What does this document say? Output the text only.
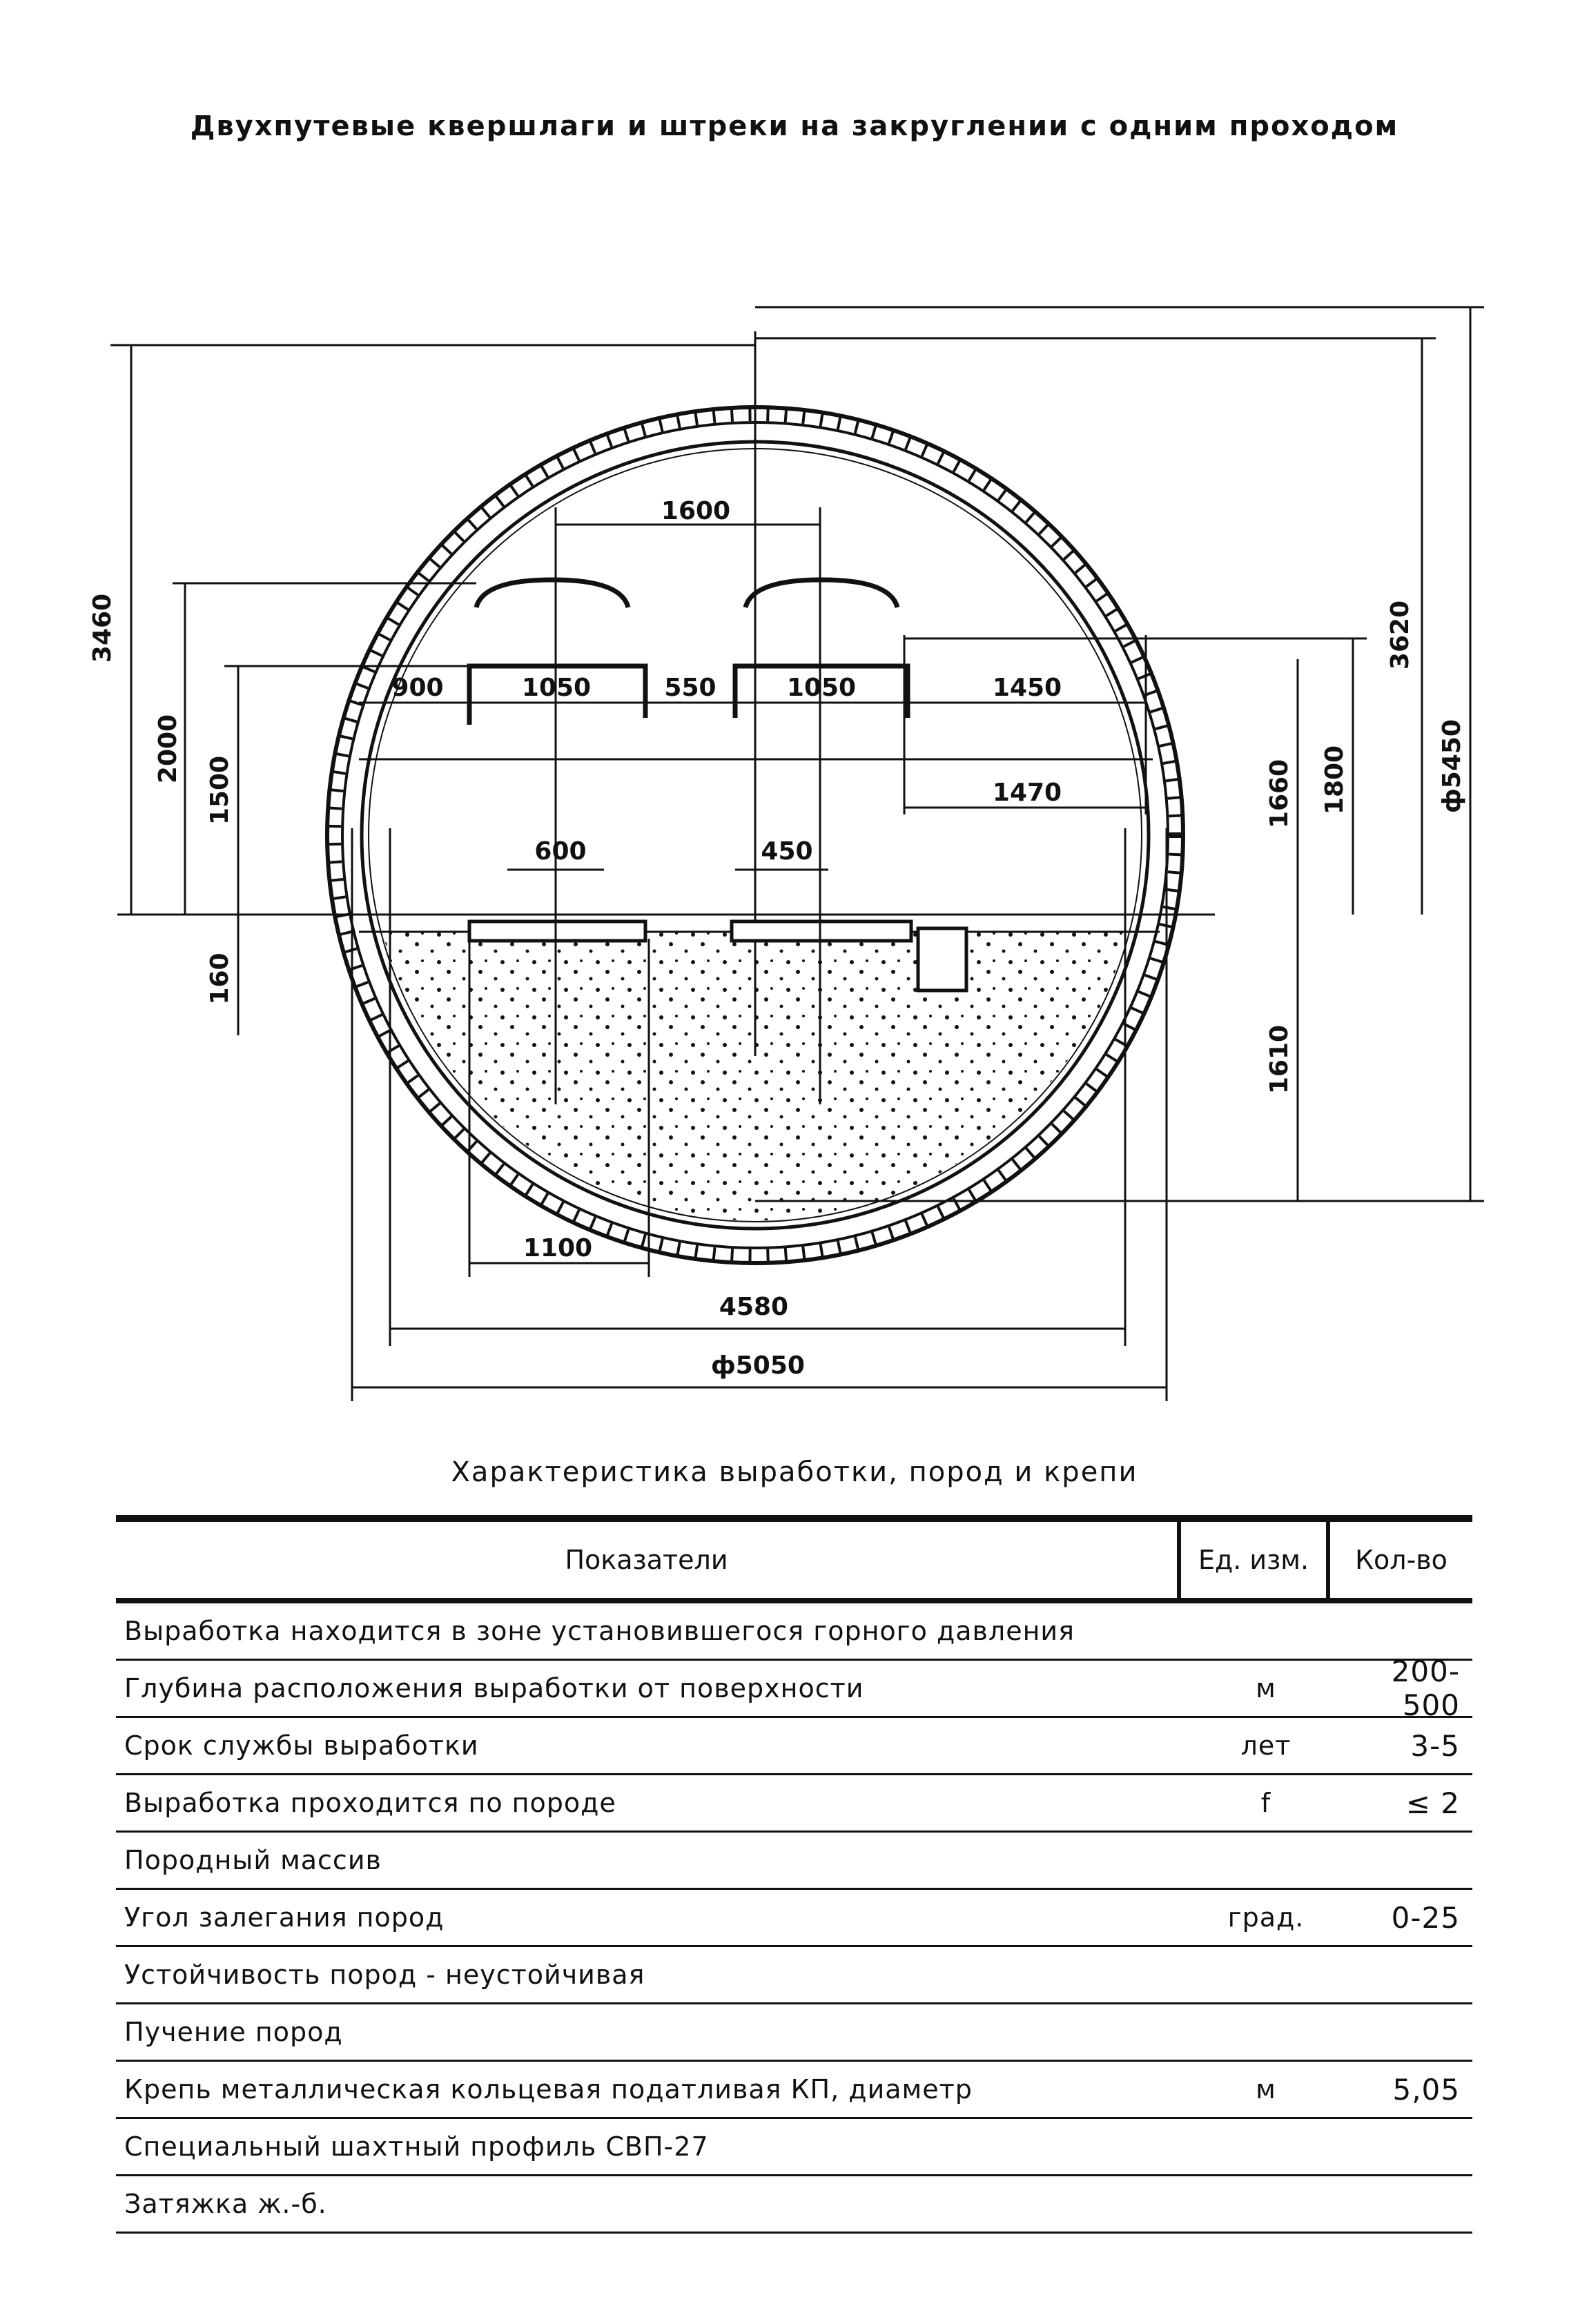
Двухпутевые квершлаги и штреки на закруглении с одним проходом
1600
900	1050	550	1050	1450
1470
600	450
1100
4580
ф5050
3460
2000
1500
160
3620
1660 1800
1610
ф5450
Характеристика выработки, пород и крепи
Показатели	Ед. изм.	Кол-во
Выработка находится в зоне установившегося горного давления
Глубина расположения выработки от поверхности	м	200-500
Срок службы выработки	лет	3-5
Выработка проходится по породе	f	≤ 2
Породный массив
Угол залегания пород	град.	0-25
Устойчивость пород - неустойчивая
Пучение пород
Крепь металлическая кольцевая податливая КП, диаметр	м	5,05
Специальный шахтный профиль СВП-27
Затяжка ж.-б.
